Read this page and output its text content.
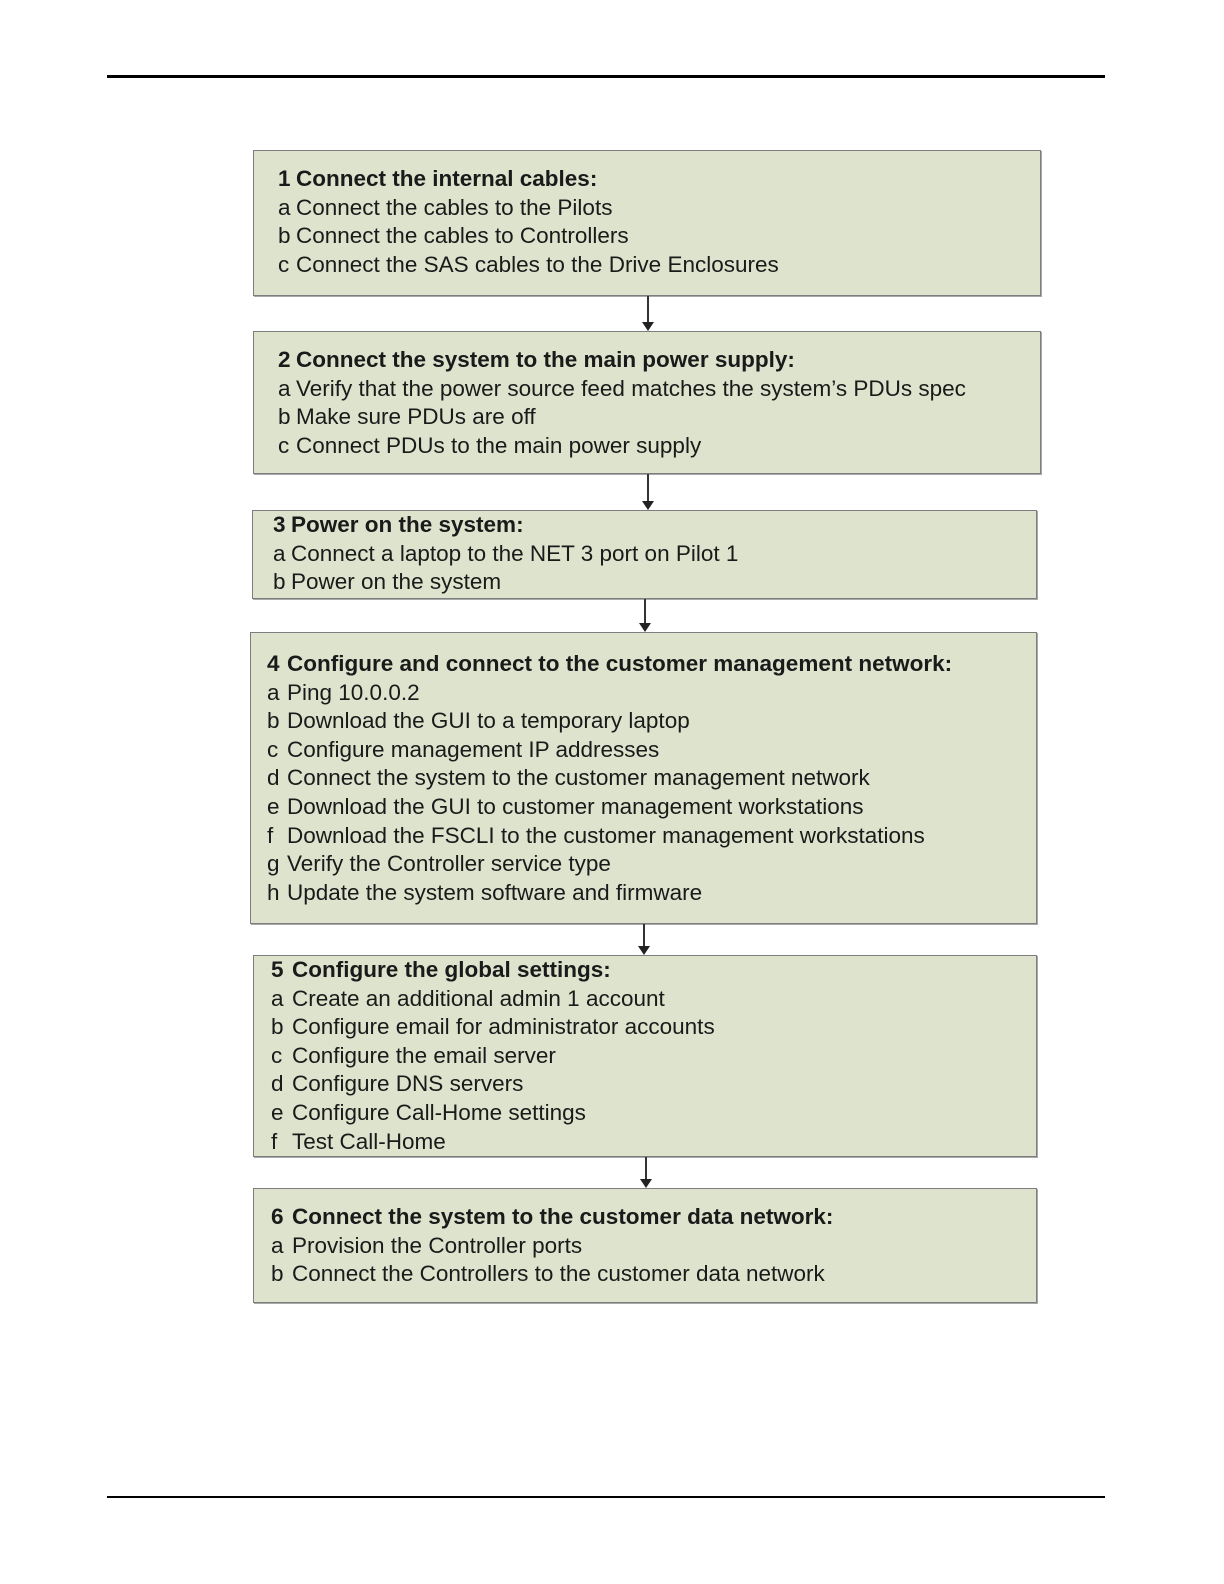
1 Connect the internal cables:
a Connect the cables to the Pilots
b Connect the cables to Controllers
c Connect the SAS cables to the Drive Enclosures
2 Connect the system to the main power supply:
a Verify that the power source feed matches the system’s PDUs spec
b Make sure PDUs are off
c Connect PDUs to the main power supply
3 Power on the system:
a Connect a laptop to the NET 3 port on Pilot 1
b Power on the system
4 Configure and connect to the customer management network:
a Ping 10.0.0.2
b Download the GUI to a temporary laptop
c Configure management IP addresses
d Connect the system to the customer management network
e Download the GUI to customer management workstations
f Download the FSCLI to the customer management workstations
g Verify the Controller service type
h Update the system software and firmware
5 Configure the global settings:
a Create an additional admin 1 account
b Configure email for administrator accounts
c Configure the email server
d Configure DNS servers
e Configure Call-Home settings
f Test Call-Home
6 Connect the system to the customer data network:
a Provision the Controller ports
b Connect the Controllers to the customer data network
